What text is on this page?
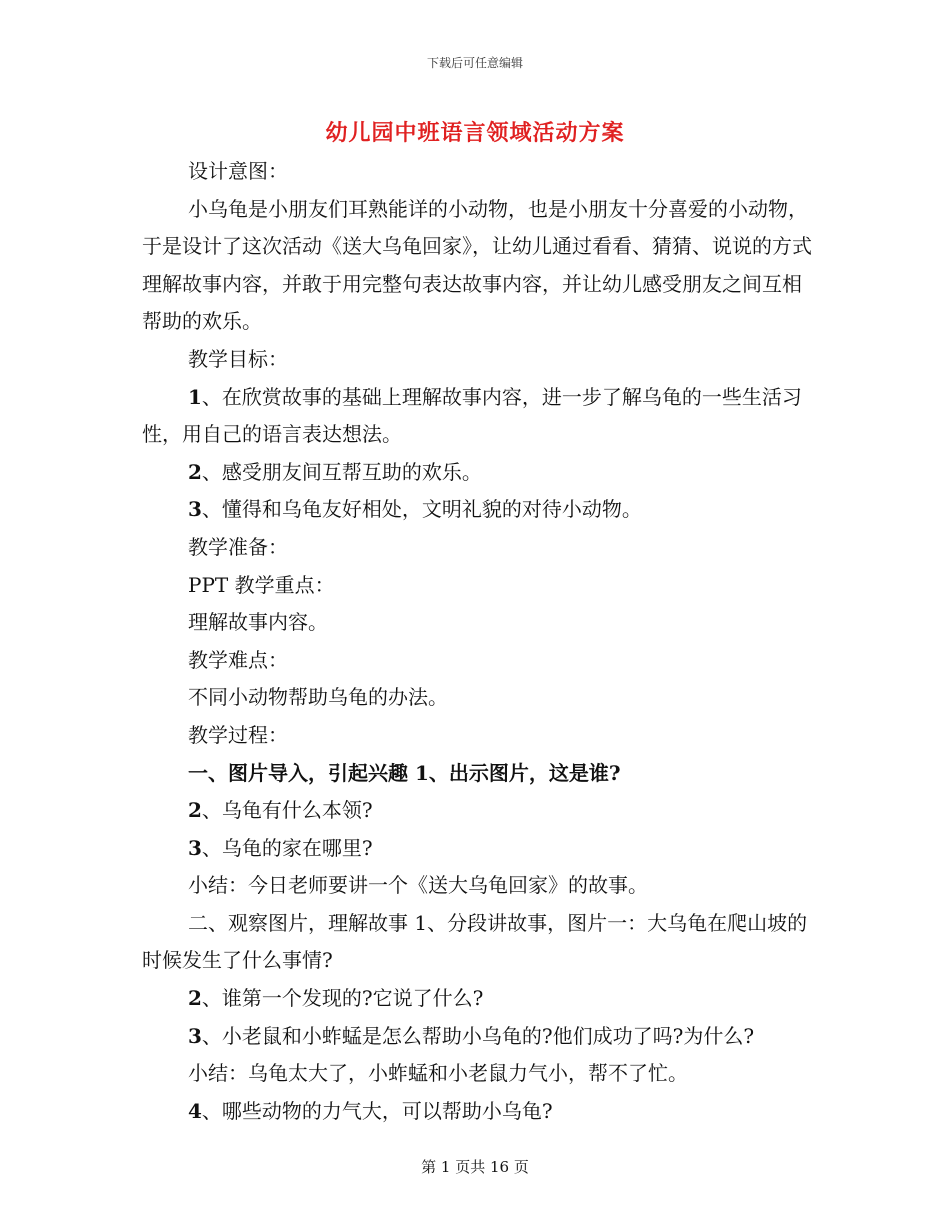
下载后可任意编辑
幼儿园中班语言领域活动方案

设计意图：

小乌龟是小朋友们耳熟能详的小动物，也是小朋友十分喜爱的小动物，于是设计了这次活动《送大乌龟回家》，让幼儿通过看看、猜猜、说说的方式理解故事内容，并敢于用完整句表达故事内容，并让幼儿感受朋友之间互相帮助的欢乐。

教学目标：

1、在欣赏故事的基础上理解故事内容，进一步了解乌龟的一些生活习性，用自己的语言表达想法。

2、感受朋友间互帮互助的欢乐。

3、懂得和乌龟友好相处，文明礼貌的对待小动物。

教学准备：

PPT 教学重点：

理解故事内容。

教学难点：

不同小动物帮助乌龟的办法。

教学过程：

一、图片导入，引起兴趣 1、出示图片，这是谁?

2、乌龟有什么本领?

3、乌龟的家在哪里?

小结：今日老师要讲一个《送大乌龟回家》的故事。

二、观察图片，理解故事 1、分段讲故事，图片一：大乌龟在爬山坡的时候发生了什么事情?

2、谁第一个发现的?它说了什么?

3、小老鼠和小蚱蜢是怎么帮助小乌龟的?他们成功了吗?为什么?

小结：乌龟太大了，小蚱蜢和小老鼠力气小，帮不了忙。

4、哪些动物的力气大，可以帮助小乌龟?

第 1 页共 16 页
